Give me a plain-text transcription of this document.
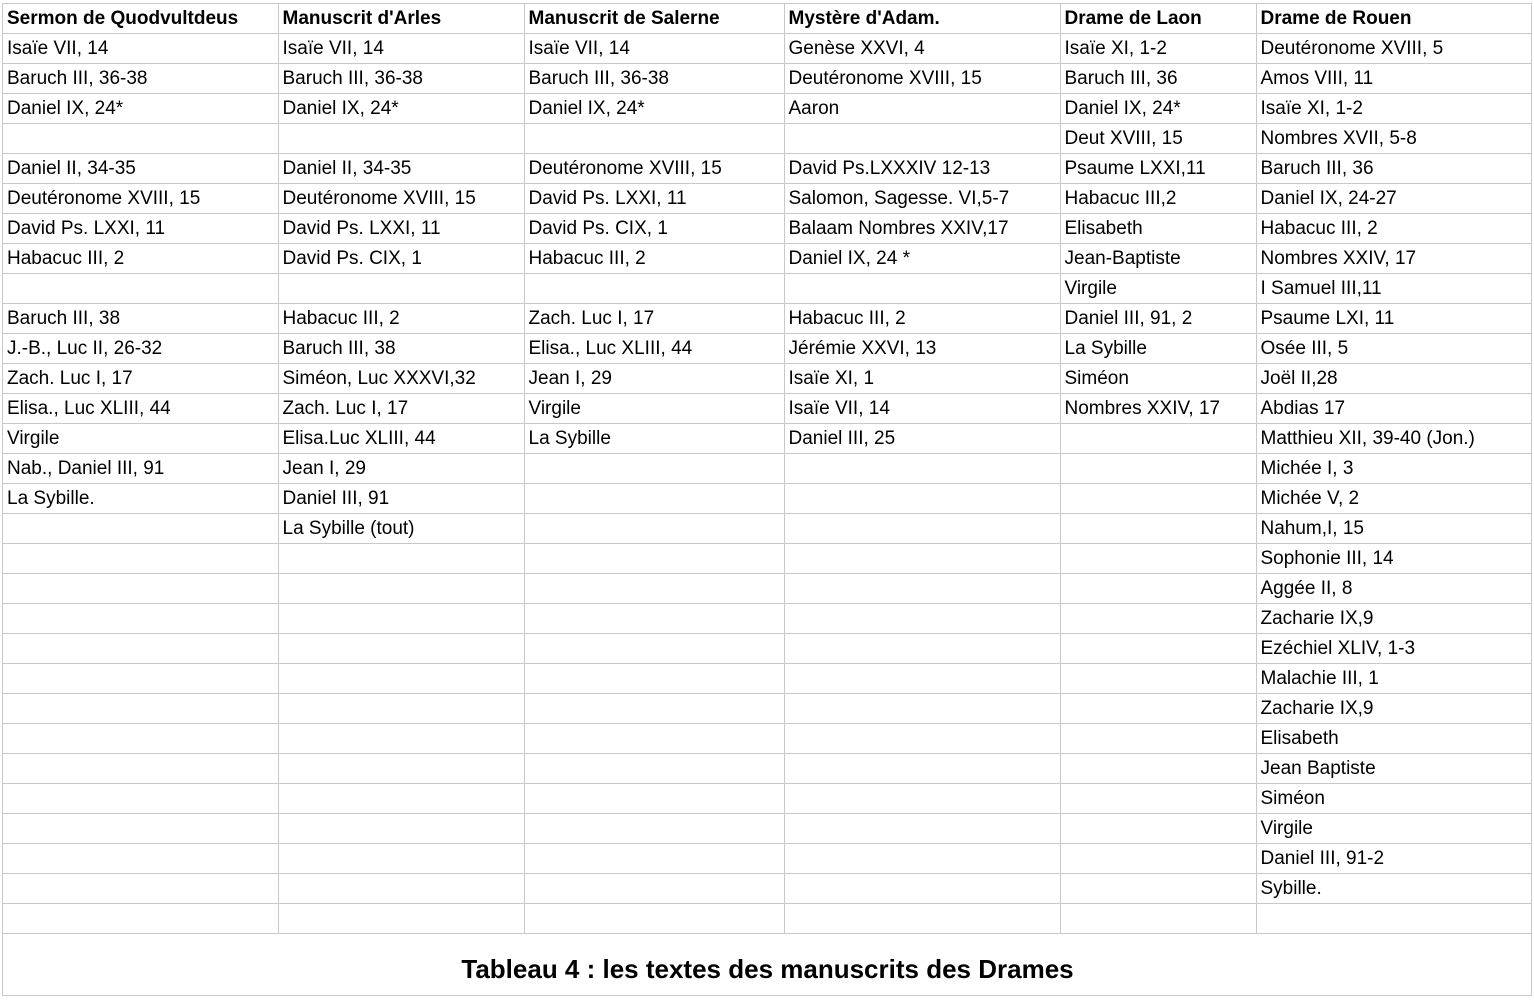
Sermon de Quodvultdeus	Manuscrit d'Arles	Manuscrit de Salerne	Mystère d'Adam.	Drame de Laon	Drame de Rouen
Isaïe VII, 14	Isaïe VII, 14	Isaïe VII, 14	Genèse XXVI, 4	Isaïe XI, 1-2	Deutéronome XVIII, 5
Baruch III, 36-38	Baruch III, 36-38	Baruch III, 36-38	Deutéronome XVIII, 15	Baruch III, 36	Amos VIII, 11
Daniel IX, 24*	Daniel IX, 24*	Daniel IX, 24*	Aaron	Daniel IX, 24*	Isaïe XI, 1-2
				Deut XVIII, 15	Nombres XVII, 5-8
Daniel II, 34-35	Daniel II, 34-35	Deutéronome XVIII, 15	David Ps.LXXXIV 12-13	Psaume LXXI,11	Baruch III, 36
Deutéronome XVIII, 15	Deutéronome XVIII, 15	David Ps. LXXI, 11	Salomon, Sagesse. VI,5-7	Habacuc III,2	Daniel IX, 24-27
David Ps. LXXI, 11	David Ps. LXXI, 11	David Ps. CIX, 1	Balaam Nombres XXIV,17	Elisabeth	Habacuc III, 2
Habacuc III, 2	David Ps. CIX, 1	Habacuc III, 2	Daniel IX, 24 *	Jean-Baptiste	Nombres XXIV, 17
				Virgile	I Samuel III,11
Baruch III, 38	Habacuc III, 2	Zach. Luc I, 17	Habacuc III, 2	Daniel III, 91, 2	Psaume LXI, 11
J.-B., Luc II, 26-32	Baruch III, 38	Elisa., Luc XLIII, 44	Jérémie XXVI, 13	La Sybille	Osée III, 5
Zach. Luc I, 17	Siméon, Luc XXXVI,32	Jean I, 29	Isaïe XI, 1	Siméon	Joël II,28
Elisa., Luc XLIII, 44	Zach. Luc I, 17	Virgile	Isaïe VII, 14	Nombres XXIV, 17	Abdias 17
Virgile	Elisa.Luc XLIII, 44	La Sybille	Daniel III, 25		Matthieu XII, 39-40 (Jon.)
Nab., Daniel III, 91	Jean I, 29				Michée I, 3
La Sybille.	Daniel III, 91				Michée V, 2
	La Sybille (tout)				Nahum,I, 15
					Sophonie III, 14
					Aggée II, 8
					Zacharie IX,9
					Ezéchiel XLIV, 1-3
					Malachie III, 1
					Zacharie IX,9
					Elisabeth
					Jean Baptiste
					Siméon
					Virgile
					Daniel III, 91-2
					Sybille.

Tableau 4 : les textes des manuscrits des Drames
